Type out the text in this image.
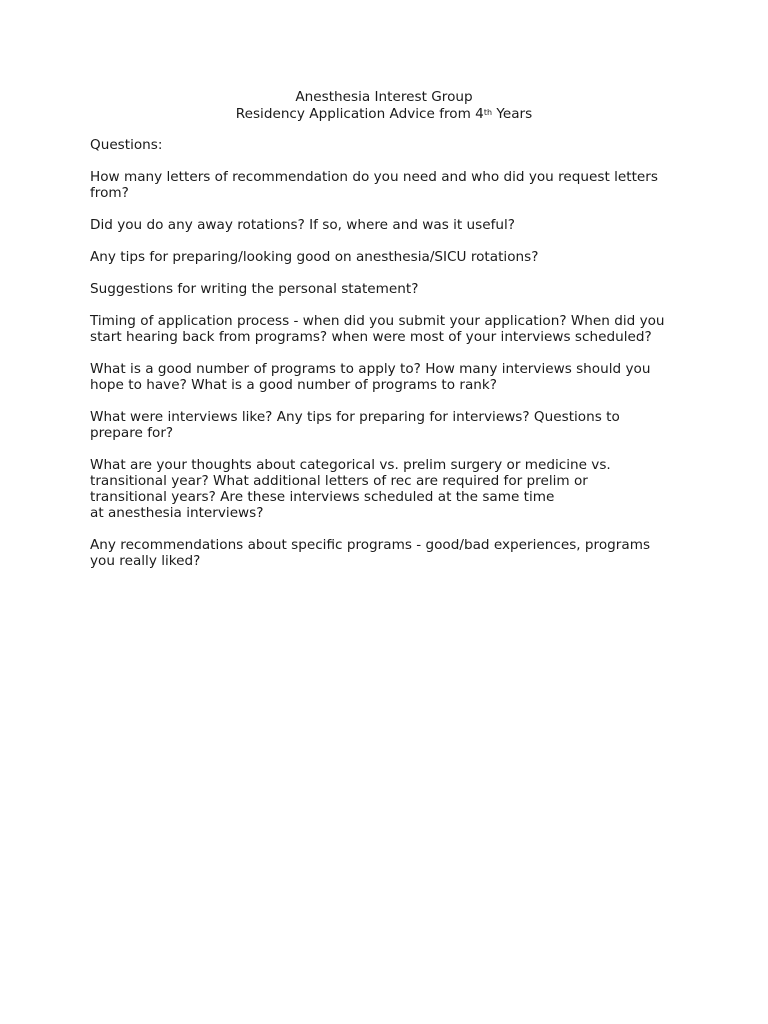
Anesthesia Interest Group
Residency Application Advice from 4th Years

Questions:

How many letters of recommendation do you need and who did you request letters
from?

Did you do any away rotations? If so, where and was it useful?

Any tips for preparing/looking good on anesthesia/SICU rotations?

Suggestions for writing the personal statement?

Timing of application process - when did you submit your application? When did you
start hearing back from programs? when were most of your interviews scheduled?

What is a good number of programs to apply to? How many interviews should you
hope to have? What is a good number of programs to rank?

What were interviews like? Any tips for preparing for interviews? Questions to
prepare for?

What are your thoughts about categorical vs. prelim surgery or medicine vs.
transitional year? What additional letters of rec are required for prelim or
transitional years? Are these interviews scheduled at the same time
at anesthesia interviews?

Any recommendations about specific programs - good/bad experiences, programs
you really liked?
